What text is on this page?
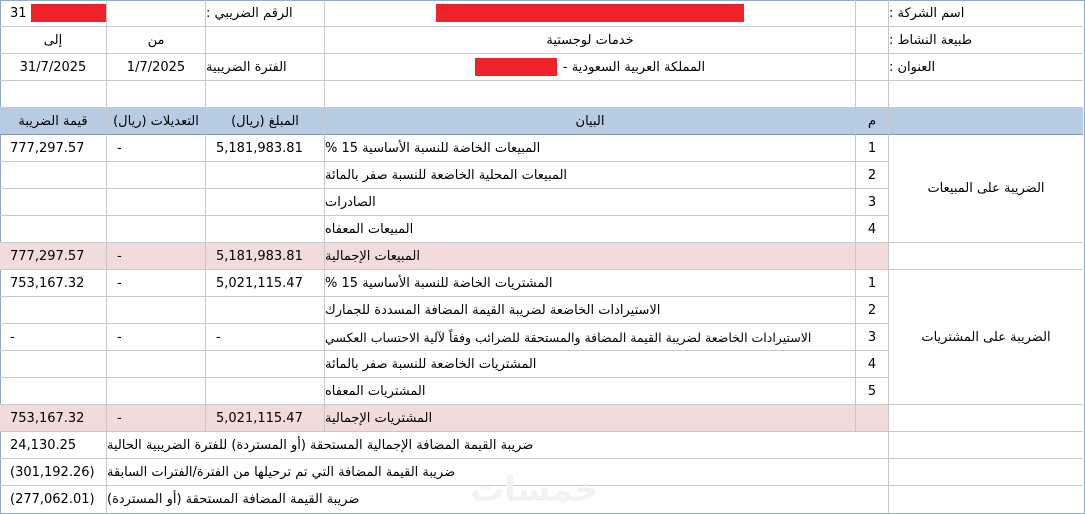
31	الرقم الضريبي :	اسم الشركة :
إلى	من	خدمات لوجستية	طبيعة النشاط :
31/7/2025	1/7/2025 الفترة الضريبية	المملكة العربية السعودية -	العنوان :
قيمة الضريبة	التعديلات (ريال)	المبلغ (ريال)	البيان	م
الضريبة على المبيعات
777,297.57	-	5,181,983.81	المبيعات الخاضة للنسبة الأساسية 15 %	1
المبيعات المحلية الخاضعة للنسبة صفر بالمائة	2
الصادرات	3
المبيعات المعفاه	4
777,297.57	-	5,181,983.81	المبيعات الإجمالية
الضريبة على المشتريات
753,167.32	-	5,021,115.47	المشتريات الخاضة للنسبة الأساسية 15 %	1
الاستيرادات الخاضعة لضريبة القيمة المضافة المسددة للجمارك	2
-	-	-	الاستيرادات الخاضعة لضريبة القيمة المضافة والمستحقة للضرائب وفقاً لآلية الاحتساب العكسي	3
المشتريات الخاضعة للنسبة صفر بالمائة	4
المشتريات المعفاه	5
753,167.32	-	5,021,115.47	المشتريات الإجمالية
24,130.25	ضريبة القيمة المضافة الإجمالية المستحقة (أو المستردة) للفترة الضريبية الحالية
(301,192.26) ضريبة القيمة المضافة التي تم ترحيلها من الفترة/الفترات السابقة
(277,062.01) ضريبة القيمة المضافة المستحقة (أو المستردة)	خمسات
